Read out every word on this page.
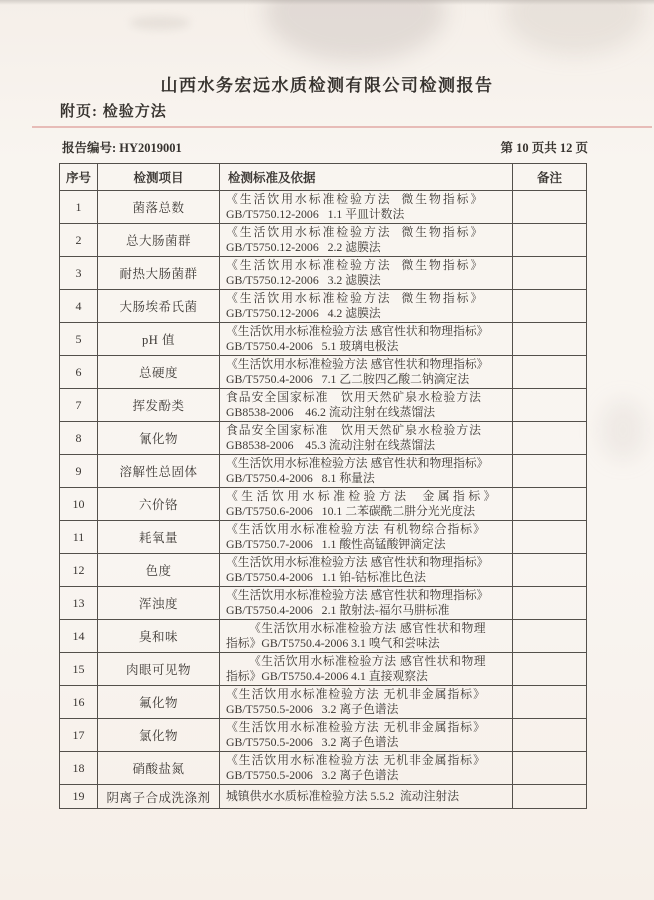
山西水务宏远水质检测有限公司检测报告
附页: 检验方法
报告编号: HY2019001	第 10 页共 12 页
序号	检测项目	检测标准及依据	备注
1	菌落总数	《生活饮用水标准检验方法  微生物指标》
GB/T5750.12-2006   1.1 平皿计数法	

2	总大肠菌群	《生活饮用水标准检验方法  微生物指标》
GB/T5750.12-2006   2.2 滤膜法	

3	耐热大肠菌群	《生活饮用水标准检验方法  微生物指标》
GB/T5750.12-2006   3.2 滤膜法	

4	大肠埃希氏菌	《生活饮用水标准检验方法  微生物指标》
GB/T5750.12-2006   4.2 滤膜法	

5	pH 值	《生活饮用水标准检验方法 感官性状和物理指标》
GB/T5750.4-2006   5.1 玻璃电极法	

6	总硬度	《生活饮用水标准检验方法 感官性状和物理指标》
GB/T5750.4-2006   7.1 乙二胺四乙酸二钠滴定法	

7	挥发酚类	食品安全国家标准　饮用天然矿泉水检验方法
GB8538-2006    46.2 流动注射在线蒸馏法	

8	氰化物	食品安全国家标准　饮用天然矿泉水检验方法
GB8538-2006    45.3 流动注射在线蒸馏法	

9	溶解性总固体	《生活饮用水标准检验方法 感官性状和物理指标》
GB/T5750.4-2006   8.1 称量法	

10	六价铬	《生活饮用水标准检验方法  金属指标》
GB/T5750.6-2006   10.1 二苯碳酰二肼分光光度法	

11	耗氧量	《生活饮用水标准检验方法 有机物综合指标》
GB/T5750.7-2006   1.1 酸性高锰酸钾滴定法	

12	色度	《生活饮用水标准检验方法 感官性状和物理指标》
GB/T5750.4-2006   1.1 铂-钴标准比色法	

13	浑浊度	《生活饮用水标准检验方法 感官性状和物理指标》
GB/T5750.4-2006   2.1 散射法-福尔马肼标准	

14	臭和味	《生活饮用水标准检验方法 感官性状和物理
指标》GB/T5750.4-2006 3.1 嗅气和尝味法	

15	肉眼可见物	《生活饮用水标准检验方法 感官性状和物理
指标》GB/T5750.4-2006 4.1 直接观察法	

16	氟化物	《生活饮用水标准检验方法 无机非金属指标》
GB/T5750.5-2006   3.2 离子色谱法	

17	氯化物	《生活饮用水标准检验方法 无机非金属指标》
GB/T5750.5-2006   3.2 离子色谱法	

18	硝酸盐氮	《生活饮用水标准检验方法 无机非金属指标》
GB/T5750.5-2006   3.2 离子色谱法	

19	阴离子合成洗涤剂	城镇供水水质标准检验方法 5.5.2  流动注射法	
